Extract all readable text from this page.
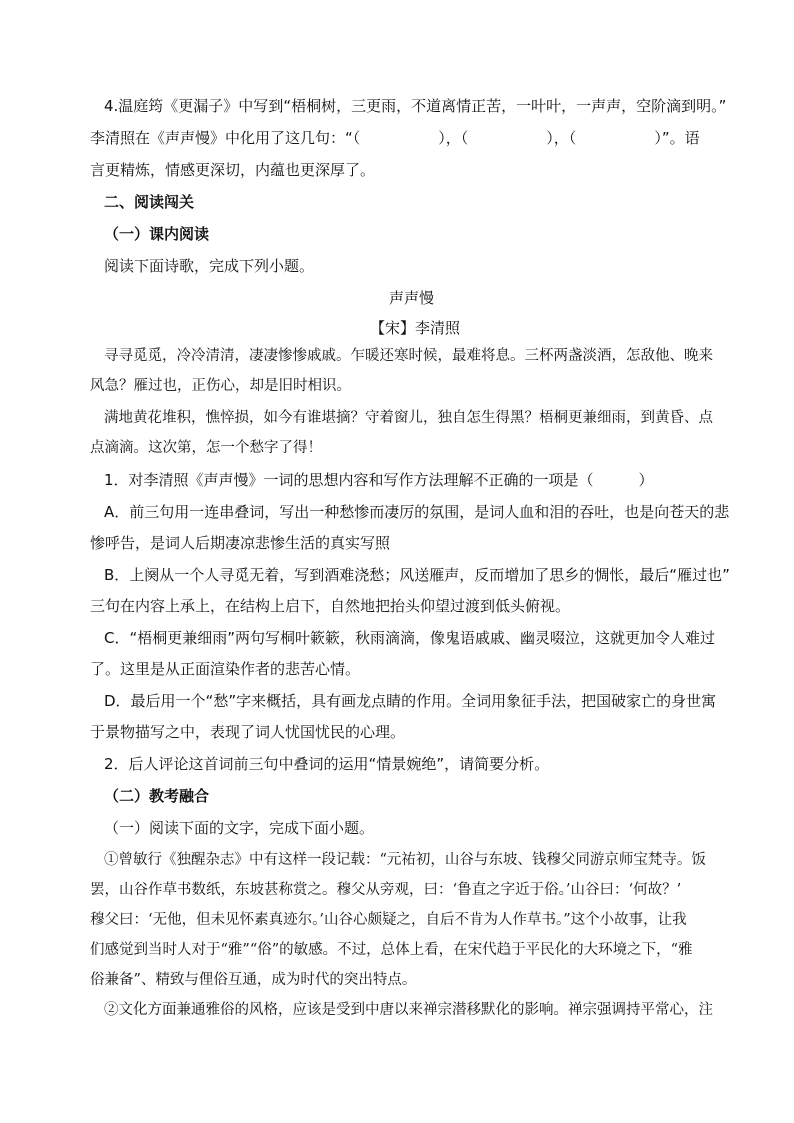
4.温庭筠《更漏子》中写到“梧桐树，三更雨，不道离情正苦，一叶叶，一声声，空阶滴到明。”
李清照在《声声慢》中化用了这几句：“（	），（	），（	）”。语
言更精炼，情感更深切，内蕴也更深厚了。
二、阅读闯关
（一）课内阅读
阅读下面诗歌，完成下列小题。
声声慢
【宋】李清照
寻寻觅觅，冷冷清清，凄凄惨惨戚戚。乍暖还寒时候，最难将息。三杯两盏淡酒，怎敌他、晚来
风急？雁过也，正伤心，却是旧时相识。
满地黄花堆积，憔悴损，如今有谁堪摘？守着窗儿，独自怎生得黑？梧桐更兼细雨，到黄昏、点
点滴滴。这次第，怎一个愁字了得！
1．对李清照《声声慢》一词的思想内容和写作方法理解不正确的一项是（　　　）
A．前三句用一连串叠词，写出一种愁惨而凄厉的氛围，是词人血和泪的吞吐，也是向苍天的悲
惨呼告，是词人后期凄凉悲惨生活的真实写照
B．上阕从一个人寻觅无着，写到酒难浇愁；风送雁声，反而增加了思乡的惆怅，最后“雁过也”
三句在内容上承上，在结构上启下，自然地把抬头仰望过渡到低头俯视。
C．“梧桐更兼细雨”两句写桐叶簌簌，秋雨滴滴，像鬼语戚戚、幽灵啜泣，这就更加令人难过
了。这里是从正面渲染作者的悲苦心情。
D．最后用一个“愁”字来概括，具有画龙点睛的作用。全词用象征手法，把国破家亡的身世寓
于景物描写之中，表现了词人忧国忧民的心理。
2．后人评论这首词前三句中叠词的运用“情景婉绝”，请简要分析。
（二）教考融合
（一）阅读下面的文字，完成下面小题。
①曾敏行《独醒杂志》中有这样一段记载：“元祐初，山谷与东坡、钱穆父同游京师宝梵寺。饭
罢，山谷作草书数纸，东坡甚称赏之。穆父从旁观，曰：‘鲁直之字近于俗。’山谷曰：‘何故？’
穆父曰：‘无他，但未见怀素真迹尔。’山谷心颇疑之，自后不肯为人作草书。”这个小故事，让我
们感觉到当时人对于“雅”“俗”的敏感。不过，总体上看，在宋代趋于平民化的大环境之下，“雅
俗兼备”、精致与俚俗互通，成为时代的突出特点。
②文化方面兼通雅俗的风格，应该是受到中唐以来禅宗潜移默化的影响。禅宗强调持平常心，注
